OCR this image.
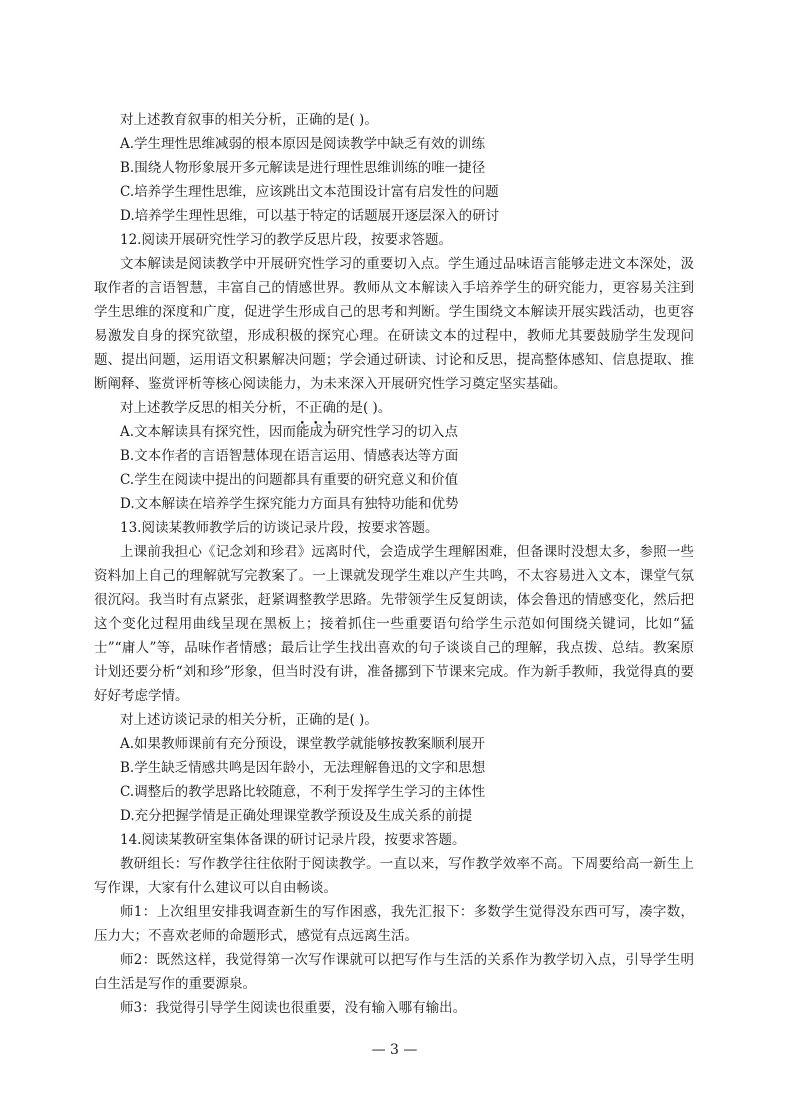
对上述教育叙事的相关分析，正确的是( )。

A.学生理性思维减弱的根本原因是阅读教学中缺乏有效的训练

B.围绕人物形象展开多元解读是进行理性思维训练的唯一捷径

C.培养学生理性思维，应该跳出文本范围设计富有启发性的问题

D.培养学生理性思维，可以基于特定的话题展开逐层深入的研讨

12.阅读开展研究性学习的教学反思片段，按要求答题。

文本解读是阅读教学中开展研究性学习的重要切入点。学生通过品味语言能够走进文本深处，汲取作者的言语智慧，丰富自己的情感世界。教师从文本解读入手培养学生的研究能力，更容易关注到学生思维的深度和广度，促进学生形成自己的思考和判断。学生围绕文本解读开展实践活动，也更容易激发自身的探究欲望，形成积极的探究心理。在研读文本的过程中，教师尤其要鼓励学生发现问题、提出问题，运用语文积累解决问题；学会通过研读、讨论和反思，提高整体感知、信息提取、推断阐释、鉴赏评析等核心阅读能力，为未来深入开展研究性学习奠定坚实基础。

对上述教学反思的相关分析，不正确的是( )。

A.文本解读具有探究性，因而能成为研究性学习的切入点

B.文本作者的言语智慧体现在语言运用、情感表达等方面

C.学生在阅读中提出的问题都具有重要的研究意义和价值

D.文本解读在培养学生探究能力方面具有独特功能和优势

13.阅读某教师教学后的访谈记录片段，按要求答题。

上课前我担心《记念刘和珍君》远离时代，会造成学生理解困难，但备课时没想太多，参照一些资料加上自己的理解就写完教案了。一上课就发现学生难以产生共鸣，不太容易进入文本，课堂气氛很沉闷。我当时有点紧张，赶紧调整教学思路。先带领学生反复朗读，体会鲁迅的情感变化，然后把这个变化过程用曲线呈现在黑板上；接着抓住一些重要语句给学生示范如何围绕关键词，比如“猛士”“庸人”等，品味作者情感；最后让学生找出喜欢的句子谈谈自己的理解，我点拨、总结。教案原计划还要分析“刘和珍”形象，但当时没有讲，准备挪到下节课来完成。作为新手教师，我觉得真的要好好考虑学情。

对上述访谈记录的相关分析，正确的是( )。

A.如果教师课前有充分预设，课堂教学就能够按教案顺利展开

B.学生缺乏情感共鸣是因年龄小，无法理解鲁迅的文字和思想

C.调整后的教学思路比较随意，不利于发挥学生学习的主体性

D.充分把握学情是正确处理课堂教学预设及生成关系的前提

14.阅读某教研室集体备课的研讨记录片段，按要求答题。

教研组长：写作教学往往依附于阅读教学。一直以来，写作教学效率不高。下周要给高一新生上写作课，大家有什么建议可以自由畅谈。

师1：上次组里安排我调查新生的写作困惑，我先汇报下：多数学生觉得没东西可写，凑字数，压力大；不喜欢老师的命题形式，感觉有点远离生活。

师2：既然这样，我觉得第一次写作课就可以把写作与生活的关系作为教学切入点，引导学生明白生活是写作的重要源泉。

师3：我觉得引导学生阅读也很重要，没有输入哪有输出。

— 3 —
